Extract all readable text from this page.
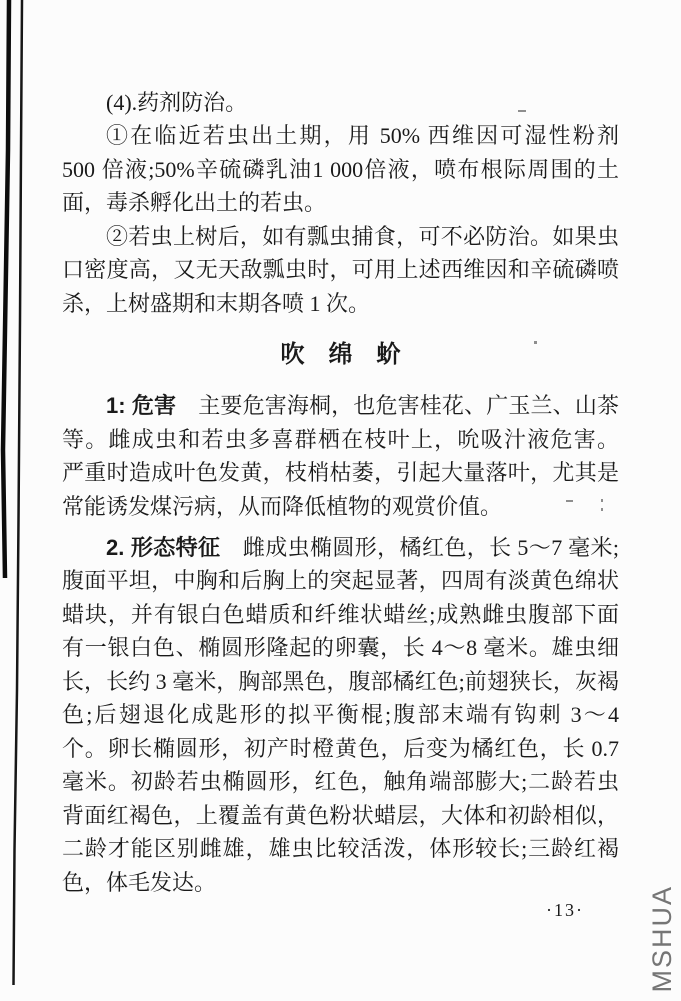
(4).药剂防治。
①在临近若虫出土期，用 50% 西维因可湿性粉剂
500 倍液;50%辛硫磷乳油1 000倍液，喷布根际周围的土
面，毒杀孵化出土的若虫。
②若虫上树后，如有瓢虫捕食，可不必防治。如果虫
口密度高，又无天敌瓢虫时，可用上述西维因和辛硫磷喷
杀，上树盛期和末期各喷 1 次。
吹　绵　蚧
1: 危害　主要危害海桐，也危害桂花、广玉兰、山茶
等。雌成虫和若虫多喜群栖在枝叶上，吮吸汁液危害。
严重时造成叶色发黄，枝梢枯萎，引起大量落叶，尤其是
常能诱发煤污病，从而降低植物的观赏价值。
2. 形态特征　雌成虫椭圆形，橘红色，长 5～7 毫米;
腹面平坦，中胸和后胸上的突起显著，四周有淡黄色绵状
蜡块，并有银白色蜡质和纤维状蜡丝;成熟雌虫腹部下面
有一银白色、椭圆形隆起的卵囊，长 4～8 毫米。雄虫细
长，长约 3 毫米，胸部黑色，腹部橘红色;前翅狭长，灰褐
色;后翅退化成匙形的拟平衡棍;腹部末端有钩刺 3～4
个。卵长椭圆形，初产时橙黄色，后变为橘红色，长 0.7
毫米。初龄若虫椭圆形，红色，触角端部膨大;二龄若虫
背面红褐色，上覆盖有黄色粉状蜡层，大体和初龄相似，
二龄才能区别雌雄，雄虫比较活泼，体形较长;三龄红褐
色，体毛发达。
·13· MSHUA
